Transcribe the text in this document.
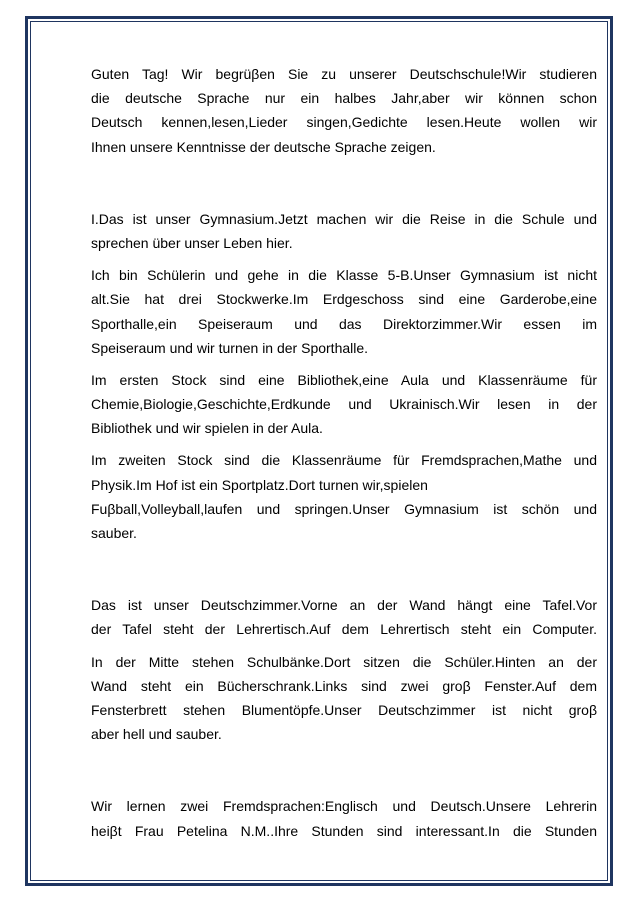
Guten Tag! Wir begrüβen Sie zu unserer Deutschschule!Wir studieren
die deutsche Sprache nur ein halbes Jahr,aber wir können schon
Deutsch kennen,lesen,Lieder singen,Gedichte lesen.Heute wollen wir
Ihnen unsere Kenntnisse der deutsche Sprache zeigen.
I.Das ist unser Gymnasium.Jetzt machen wir die Reise in die Schule und
sprechen über unser Leben hier.
Ich bin Schülerin und gehe in die Klasse 5-B.Unser Gymnasium ist nicht
alt.Sie hat drei Stockwerke.Im Erdgeschoss sind eine Garderobe,eine
Sporthalle,ein Speiseraum und das Direktorzimmer.Wir essen im
Speiseraum und wir turnen in der Sporthalle.
Im ersten Stock sind eine Bibliothek,eine Aula und Klassenräume für
Chemie,Biologie,Geschichte,Erdkunde und Ukrainisch.Wir lesen in der
Bibliothek und wir spielen in der Aula.
Im zweiten Stock sind die Klassenräume für Fremdsprachen,Mathe und
Physik.Im Hof ist ein Sportplatz.Dort turnen wir,spielen
Fuβball,Volleyball,laufen und springen.Unser Gymnasium ist schön und
sauber.
Das ist unser Deutschzimmer.Vorne an der Wand hängt eine Tafel.Vor
der Tafel steht der Lehrertisch.Auf dem Lehrertisch steht ein Computer.
In der Mitte stehen Schulbänke.Dort sitzen die Schüler.Hinten an der
Wand steht ein Bücherschrank.Links sind zwei groβ Fenster.Auf dem
Fensterbrett stehen Blumentöpfe.Unser Deutschzimmer ist nicht groβ
aber hell und sauber.
Wir lernen zwei Fremdsprachen:Englisch und Deutsch.Unsere Lehrerin
heiβt Frau Petelina N.M..Ihre Stunden sind interessant.In die Stunden
